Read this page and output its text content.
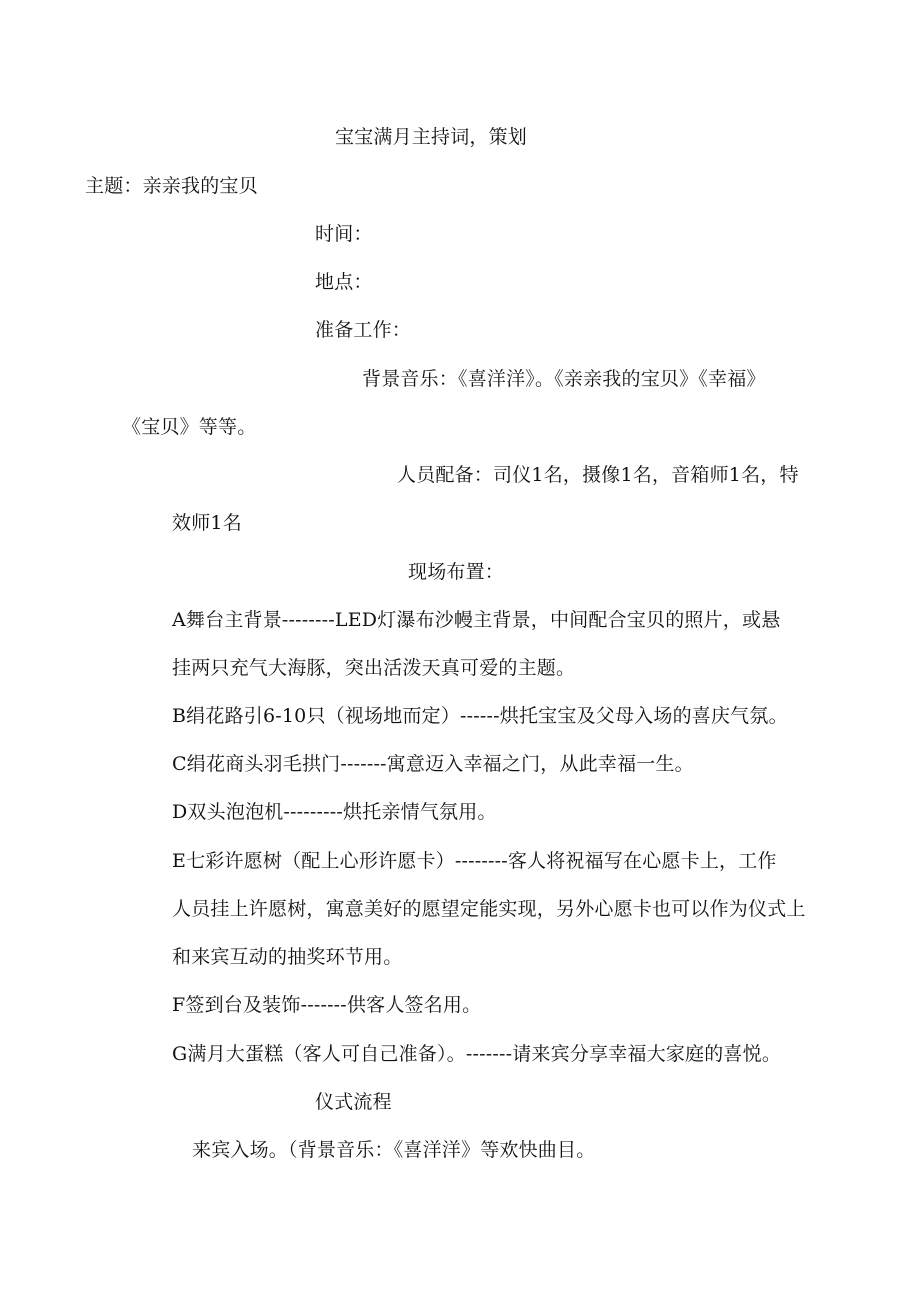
宝宝满月主持词，策划
主题：亲亲我的宝贝
时间：
地点：
准备工作：
背景音乐：《喜洋洋》。《亲亲我的宝贝》《幸福》
《宝贝》等等。
人员配备：司仪1名，摄像1名，音箱师1名，特
效师1名
现场布置：
A舞台主背景--------LED灯瀑布沙幔主背景，中间配合宝贝的照片，或悬
挂两只充气大海豚，突出活泼天真可爱的主题。
B绢花路引6-10只（视场地而定）------烘托宝宝及父母入场的喜庆气氛。
C绢花商头羽毛拱门-------寓意迈入幸福之门，从此幸福一生。
D双头泡泡机---------烘托亲情气氛用。
E七彩许愿树（配上心形许愿卡）--------客人将祝福写在心愿卡上，工作
人员挂上许愿树，寓意美好的愿望定能实现，另外心愿卡也可以作为仪式上
和来宾互动的抽奖环节用。
F签到台及装饰-------供客人签名用。
G满月大蛋糕（客人可自己准备）。-------请来宾分享幸福大家庭的喜悦。
仪式流程
来宾入场。（背景音乐：《喜洋洋》等欢快曲目。
